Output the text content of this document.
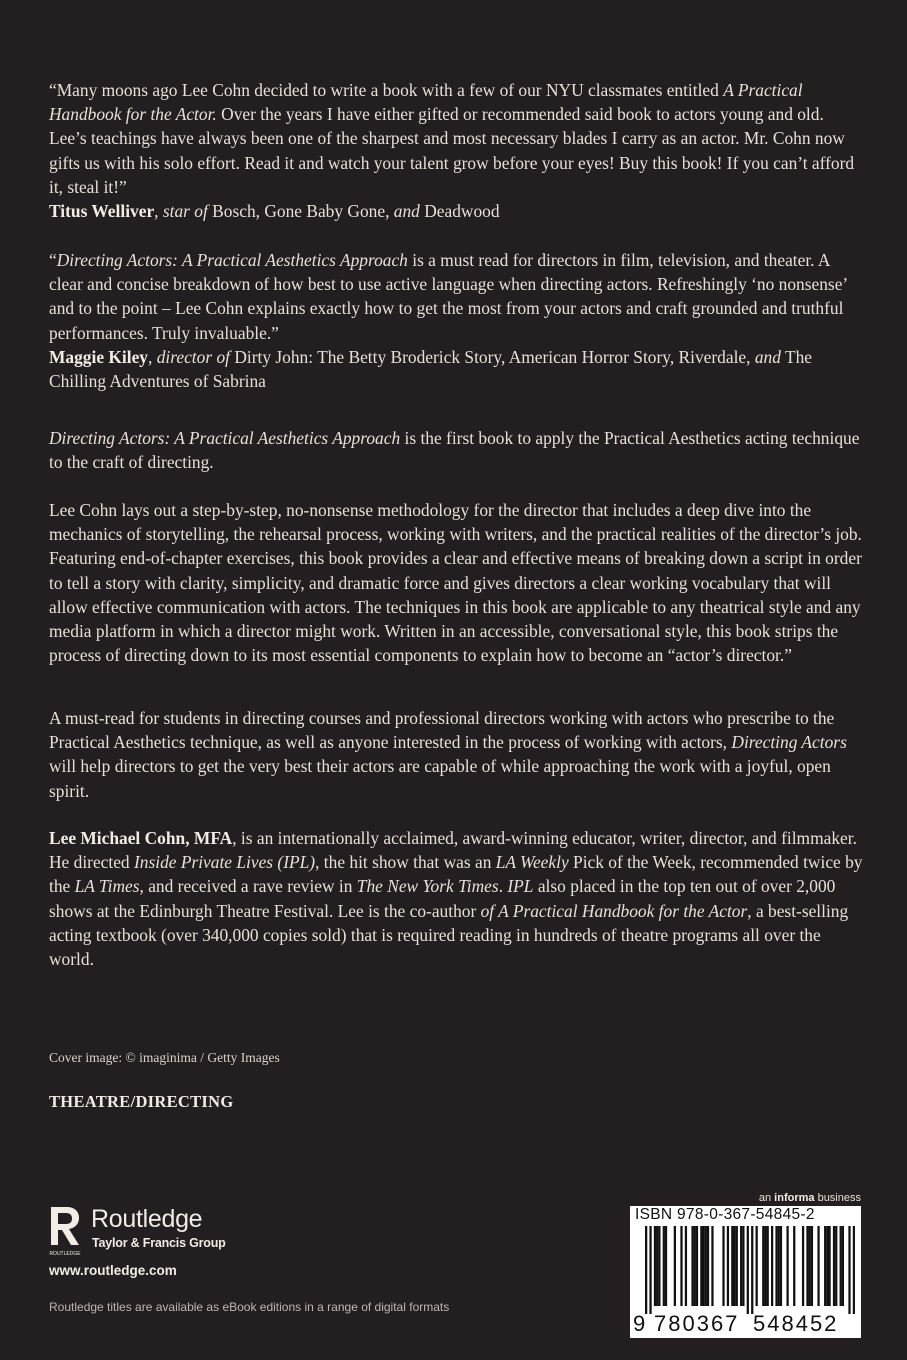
“Many moons ago Lee Cohn decided to write a book with a few of our NYU classmates entitled A Practical Handbook for the Actor. Over the years I have either gifted or recommended said book to actors young and old. Lee’s teachings have always been one of the sharpest and most necessary blades I carry as an actor. Mr. Cohn now gifts us with his solo effort. Read it and watch your talent grow before your eyes! Buy this book! If you can’t afford it, steal it!”

Titus Welliver, star of Bosch, Gone Baby Gone, and Deadwood

“Directing Actors: A Practical Aesthetics Approach is a must read for directors in film, television, and theater. A clear and concise breakdown of how best to use active language when directing actors. Refreshingly ‘no nonsense’ and to the point – Lee Cohn explains exactly how to get the most from your actors and craft grounded and truthful performances. Truly invaluable.”

Maggie Kiley, director of Dirty John: The Betty Broderick Story, American Horror Story, Riverdale, and The Chilling Adventures of Sabrina

Directing Actors: A Practical Aesthetics Approach is the first book to apply the Practical Aesthetics acting technique to the craft of directing.

Lee Cohn lays out a step-by-step, no-nonsense methodology for the director that includes a deep dive into the mechanics of storytelling, the rehearsal process, working with writers, and the practical realities of the director’s job. Featuring end-of-chapter exercises, this book provides a clear and effective means of breaking down a script in order to tell a story with clarity, simplicity, and dramatic force and gives directors a clear working vocabulary that will allow effective communication with actors. The techniques in this book are applicable to any theatrical style and any media platform in which a director might work. Written in an accessible, conversational style, this book strips the process of directing down to its most essential components to explain how to become an “actor’s director.”

A must-read for students in directing courses and professional directors working with actors who prescribe to the Practical Aesthetics technique, as well as anyone interested in the process of working with actors, Directing Actors will help directors to get the very best their actors are capable of while approaching the work with a joyful, open spirit.

Lee Michael Cohn, MFA, is an internationally acclaimed, award-winning educator, writer, director, and filmmaker. He directed Inside Private Lives (IPL), the hit show that was an LA Weekly Pick of the Week, recommended twice by the LA Times, and received a rave review in The New York Times. IPL also placed in the top ten out of over 2,000 shows at the Edinburgh Theatre Festival. Lee is the co-author of A Practical Handbook for the Actor, a best-selling acting textbook (over 340,000 copies sold) that is required reading in hundreds of theatre programs all over the world.

Cover image: © imaginima / Getty Images
THEATRE/DIRECTING
ROUTLEDGE
Routledge
Taylor & Francis Group
www.routledge.com
Routledge titles are available as eBook editions in a range of digital formats
an informa business
ISBN 978-0-367-54845-2
9 780367 548452
